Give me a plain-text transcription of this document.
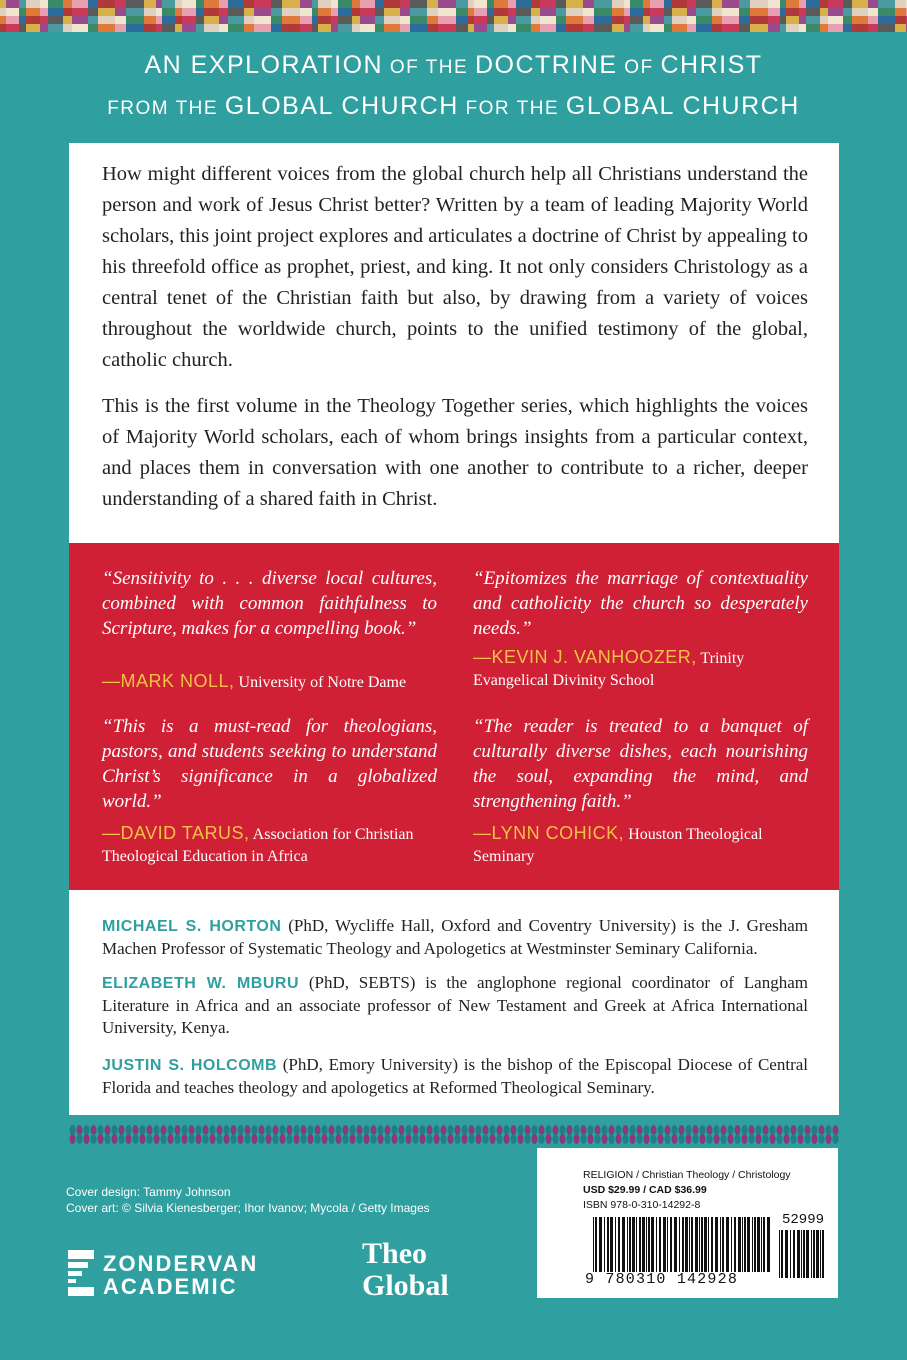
AN EXPLORATION OF THE DOCTRINE OF CHRIST
FROM THE GLOBAL CHURCH FOR THE GLOBAL CHURCH

How might different voices from the global church help all Christians understand the person and work of Jesus Christ better? Written by a team of leading Majority World scholars, this joint project explores and articulates a doctrine of Christ by appealing to his threefold office as prophet, priest, and king. It not only considers Christology as a central tenet of the Christian faith but also, by drawing from a variety of voices throughout the worldwide church, points to the unified testimony of the global, catholic church.

This is the first volume in the Theology Together series, which highlights the voices of Majority World scholars, each of whom brings insights from a particular context, and places them in conversation with one another to contribute to a richer, deeper understanding of a shared faith in Christ.

“Sensitivity to . . . diverse local cultures, combined with common faithfulness to Scripture, makes for a compelling book.”
—MARK NOLL, University of Notre Dame
“This is a must-read for theologians, pastors, and students seeking to understand Christ’s significance in a globalized world.”
—DAVID TARUS, Association for Christian Theological Education in Africa
“Epitomizes the marriage of contextuality and catholicity the church so desperately needs.”
—KEVIN J. VANHOOZER, Trinity Evangelical Divinity School
“The reader is treated to a banquet of culturally diverse dishes, each nourishing the soul, expanding the mind, and strengthening faith.”
—LYNN COHICK, Houston Theological Seminary
MICHAEL S. HORTON (PhD, Wycliffe Hall, Oxford and Coventry University) is the J. Gresham Machen Professor of Systematic Theology and Apologetics at Westminster Seminary California.
ELIZABETH W. MBURU (PhD, SEBTS) is the anglophone regional coordinator of Langham Literature in Africa and an associate professor of New Testament and Greek at Africa International University, Kenya.
JUSTIN S. HOLCOMB (PhD, Emory University) is the bishop of the Episcopal Diocese of Central Florida and teaches theology and apologetics at Reformed Theological Seminary.
Cover design: Tammy Johnson
Cover art: © Silvia Kienesberger; Ihor Ivanov; Mycola / Getty Images
ZONDERVAN
ACADEMIC
Theo
Global
RELIGION / Christian Theology / Christology
USD $29.99 / CAD $36.99
ISBN 978-0-310-14292-8
52999
9 780310 142928
